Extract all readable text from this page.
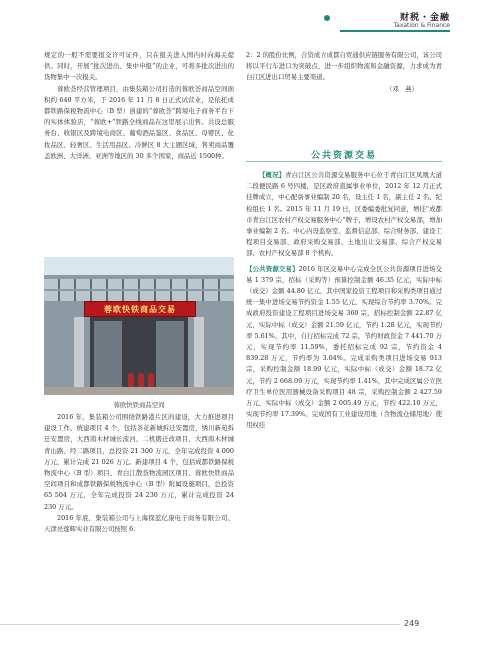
财税・金融
Taxation & Finance

规定的一般不需要报交许可证件，只在报关进入国内时向海关提供。同时，开展“批次进出、集中申报”的企业，可将多批次进出的货物集中一次报关。

蓉欧荟经营管理项目，由集装箱公司打造的蓉欧荟商品空间面积约 640 平方米，于 2016 年 11 月 8 日正式试营业，是依托成都铁路保税物流中心（B 型）创建的“蓉欧荟”跨境电子商务平台下的实体体验店，“蓉欧+”铁路全线商品在这里展示出售。共设总服务台、收银区及跨境电商区、葡萄酒品鉴区、食品区、母婴区、化妆品区、轻奢区、生活用品区、冷鲜区 8 大主题区域，售卖商品覆盖欧洲、大洋洲、亚洲等地区的 30 多个国家，商品近 1500种。

蓉欧快铁商品交易
蓉欧快铁商品空间

2016 年，集装箱公司围绕铁路港片区的建设，大力推进项目建设工作。统建项目 4 个，包括茶花新城拆迁安置房，绣川新苑拆迁安置房，大西南木材城长流河、二机锻迁改项目，大西南木材城青山路、经二路项目，总投资 21 300 万元，全年完成投资 4 000 万元，累计完成 21 026 万元。新建项目 4 个，包括成都铁路保税物流中心（B 型）项目、青白江散货物流园区项目、蓉欧快铁商品空间项目和成都铁路保税物流中心（B 型）附属设施项目，总投资 65 504 万元，全年完成投资 24 230 万元，累计完成投资 24 230 万元。

2016 年底，集装箱公司与上海探蓝亿康电子商务有限公司、天津亮莲辉实业有限公司按照 6：

2：2 的股份比例，合资成立成都自贸通供应链服务有限公司，该公司将以平行车进口为突破点，进一步组织物流和金融资源，力求成为青白江区进出口贸易主要渠道。

（邓　燕）

公共资源交易

【概况】青白江区公共资源交易服务中心位于青白江区凤凰大道二段便民路 6 号四楼，是区政府直属事业单位，2012 年 12 月正式挂牌成立，中心配备事业编制 20 名，设主任 1 名，副主任 2 名、纪检组长 1 名。2015 年 11 月 19 日，区委编委批复同意，增挂“成都市青白江区农村产权交易服务中心”牌子，增设农村产权交易部，增加事业编制 2 名。中心内设监察室、监督信息部、综合财务部、建设工程项目交易部、政府采购交易部、土地出让交易部、综合产权交易部、农村产权交易部 8 个机构。

【公共资源交易】2016 年区交易中心完成全区公共资源项目进场交易 1 379 宗，招标（采购等）预算控制金额 46.35 亿元，实际中标（成交）金额 44.80 亿元，其中国家投资工程项目和采购类项目通过统一集中进场交易节约资金 1.55 亿元，实现综合节约率 3.70%。完成政府投资建设工程项目进场交易 360 宗，招标控制金额 22.87 亿元，实际中标（成交）金额 21.59 亿元，节约 1.28 亿元，实现节约率 5.61%，其中，自行招标完成 72 宗，节约财政资金 7 441.70 万元，实现节约率 11.59%，委托招标完成 92 宗，节约资金 4 839.28 万元，节约率为 3.04%。完成采购类项目进场交易 913 宗，采购控制金额 18.99 亿元，实际中标（成交）金额 18.72 亿元，节约 2 668.09 万元，实现节约率 1.41%，其中完成区属公立医疗卫生单位医用器械设备采购项目 48 宗，采购控制金额 2 427.59 万元，实际中标（成交）金额 2 005.49 万元，节约 422.10 万元，实现节约率 17.39%。完成国有工业建设用地（含物流仓储用地）使用权挂

249
